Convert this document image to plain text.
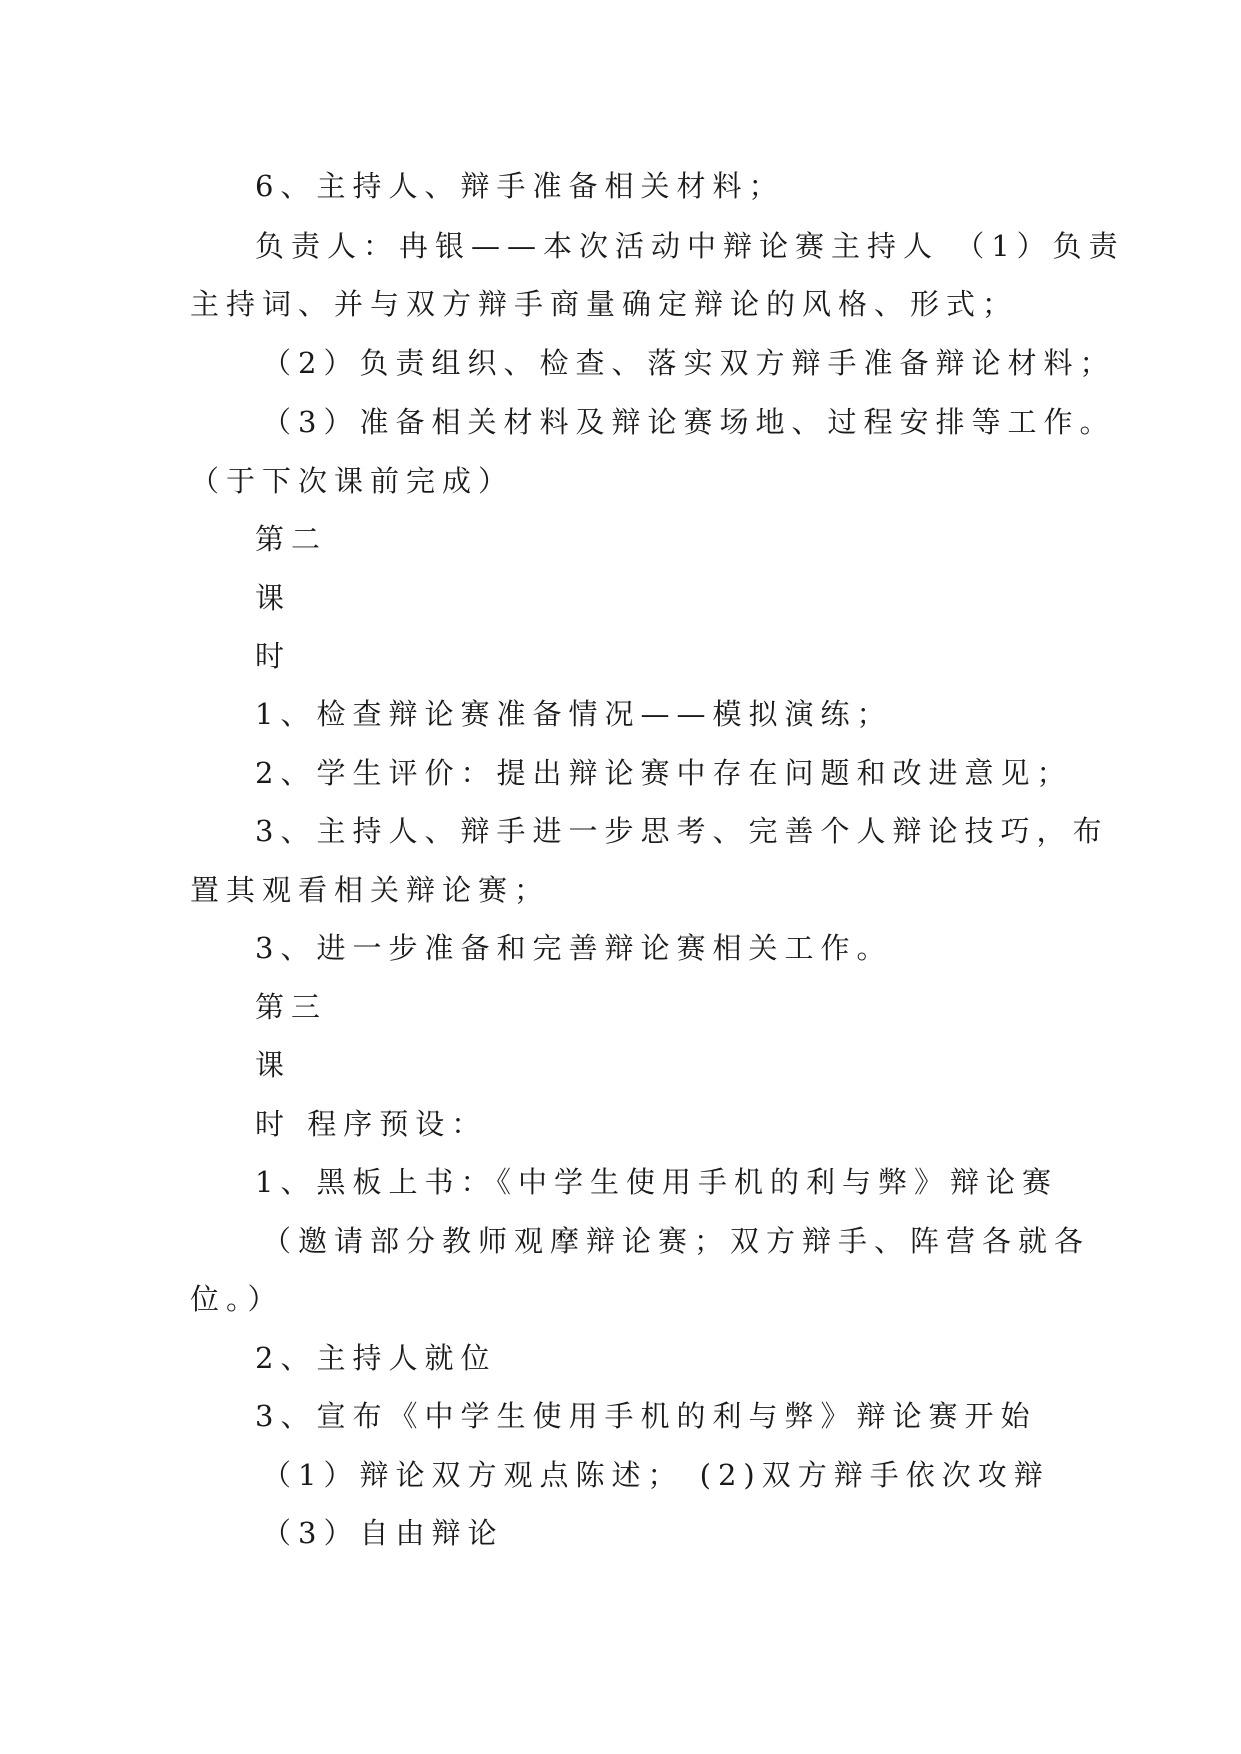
6、主持人、辩手准备相关材料；
负责人：冉银——本次活动中辩论赛主持人 （1）负责
主持词、并与双方辩手商量确定辩论的风格、形式；
（2）负责组织、检查、落实双方辩手准备辩论材料；
（3）准备相关材料及辩论赛场地、过程安排等工作。
（于下次课前完成）
第二
课
时
1、检查辩论赛准备情况——模拟演练；
2、学生评价：提出辩论赛中存在问题和改进意见；
3、主持人、辩手进一步思考、完善个人辩论技巧，布
置其观看相关辩论赛；
3、进一步准备和完善辩论赛相关工作。
第三
课
时 程序预设：
1、黑板上书：《中学生使用手机的利与弊》辩论赛
（邀请部分教师观摩辩论赛；双方辩手、阵营各就各
位。）
2、主持人就位
3、宣布《中学生使用手机的利与弊》辩论赛开始
（1）辩论双方观点陈述； (2)双方辩手依次攻辩
（3）自由辩论
